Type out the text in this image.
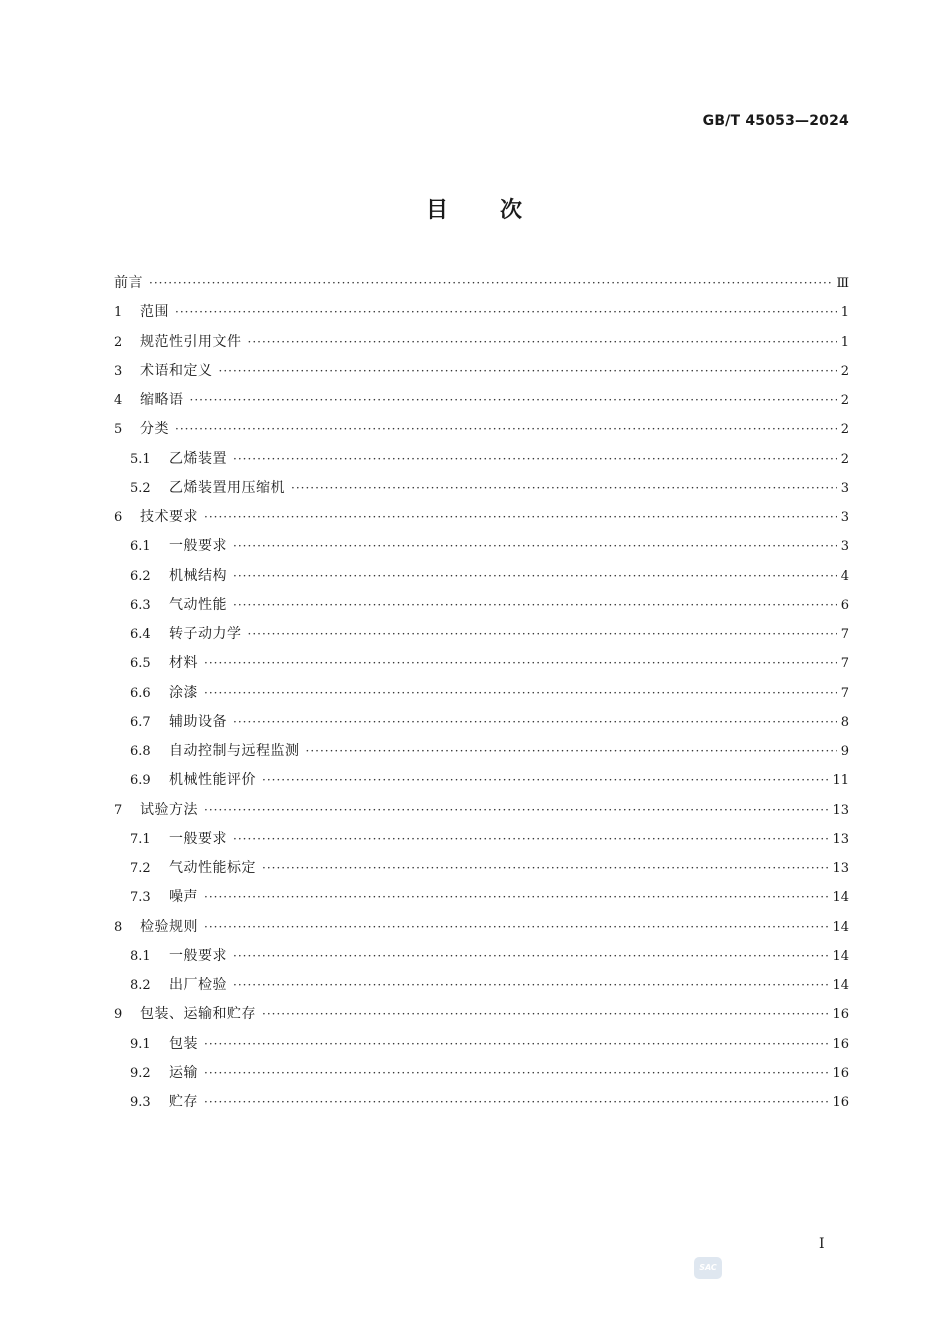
GB/T 45053—2024
目 次
前言 ·····	Ⅲ
1	范围 ·····	1
2	规范性引用文件 ·····	1
3	术语和定义 ·····	2
4	缩略语 ·····	2
5	分类 ·····	2
5.1	乙烯装置 ·····	2
5.2	乙烯装置用压缩机 ·····	3
6	技术要求 ·····	3
6.1	一般要求 ·····	3
6.2	机械结构 ·····	4
6.3	气动性能 ·····	6
6.4	转子动力学 ·····	7
6.5	材料 ·····	7
6.6	涂漆 ·····	7
6.7	辅助设备 ·····	8
6.8	自动控制与远程监测 ·····	9
6.9	机械性能评价 ·····	11
7	试验方法 ·····	13
7.1	一般要求 ·····	13
7.2	气动性能标定 ·····	13
7.3	噪声 ·····	14
8	检验规则 ·····	14
8.1	一般要求 ·····	14
8.2	出厂检验 ·····	14
9	包装、运输和贮存 ·····	16
9.1	包装 ·····	16
9.2	运输 ·····	16
9.3	贮存 ·····	16
I
SAC
